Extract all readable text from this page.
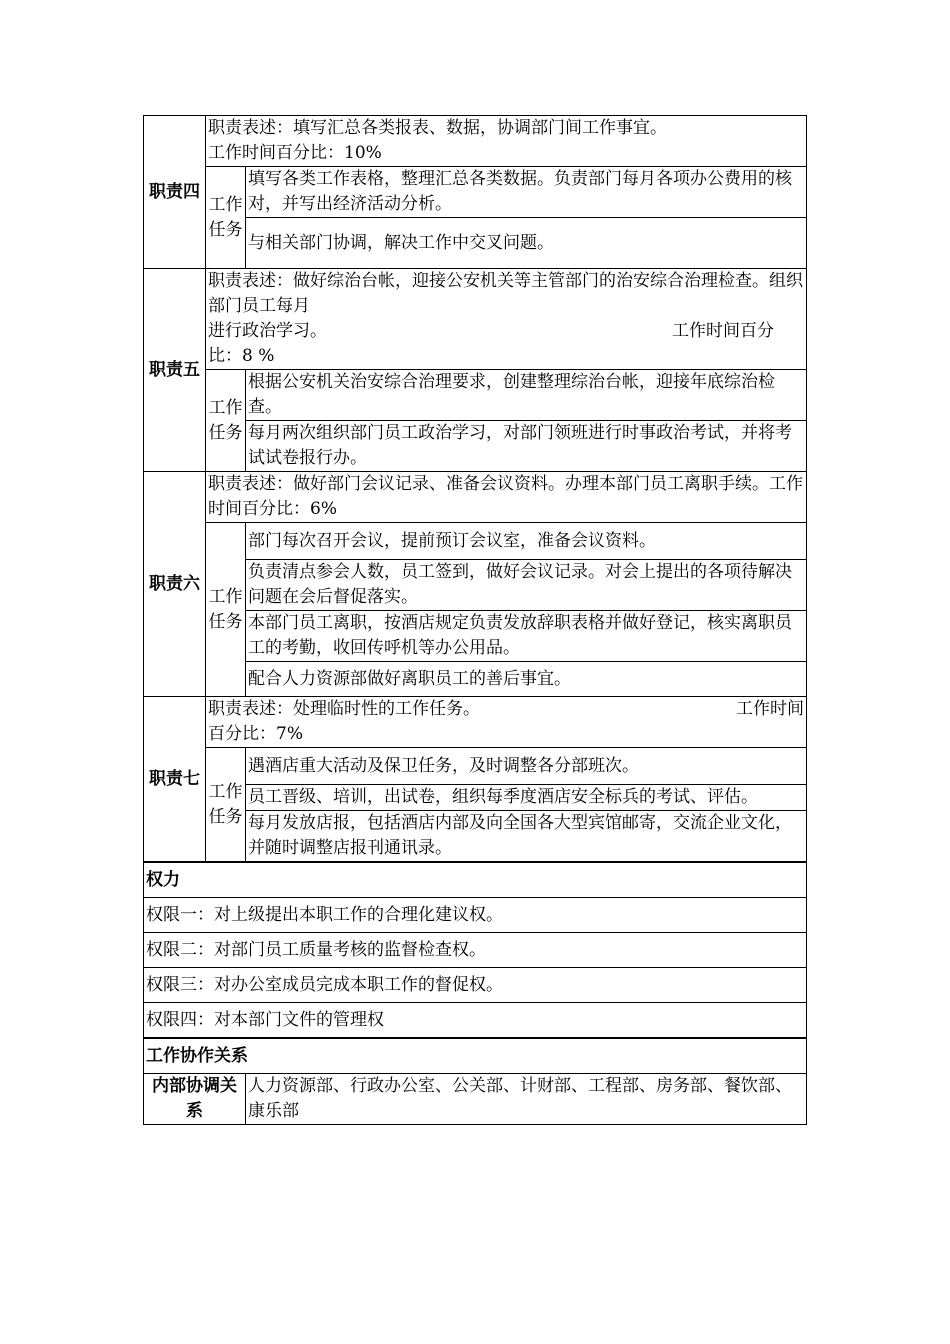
职责四	职责表述：填写汇总各类报表、数据，协调部门间工作事宜。
工作时间百分比：10%	

	工作任务	填写各类工作表格，整理汇总各类数据。负责部门每月各项办公费用的核对，并写出经济活动分析。
		与相关部门协调，解决工作中交叉问题。
职责五	职责表述：做好综治台帐，迎接公安机关等主管部门的治安综合治理检查。组织部门员工每月
进行政治学习。 工作时间百分
比：8 %	

	工作任务	根据公安机关治安综合治理要求，创建整理综治台帐，迎接年底综治检查。
		每月两次组织部门员工政治学习，对部门领班进行时事政治考试，并将考试试卷报行办。
职责六	职责表述：做好部门会议记录、准备会议资料。办理本部门员工离职手续。工作时间百分比：6%	
	工作任务	部门每次召开会议，提前预订会议室，准备会议资料。
		负责清点参会人数，员工签到，做好会议记录。对会上提出的各项待解决问题在会后督促落实。
		本部门员工离职，按酒店规定负责发放辞职表格并做好登记，核实离职员工的考勤，收回传呼机等办公用品。
		配合人力资源部做好离职员工的善后事宜。
职责七	职责表述：处理临时性的工作任务。 工作时间
百分比：7%	

	工作任务	遇酒店重大活动及保卫任务，及时调整各分部班次。
		员工晋级、培训，出试卷，组织每季度酒店安全标兵的考试、评估。
		每月发放店报，包括酒店内部及向全国各大型宾馆邮寄，交流企业文化，并随时调整店报刊通讯录。
权力		
权限一：对上级提出本职工作的合理化建议权。		
权限二：对部门员工质量考核的监督检查权。		
权限三：对办公室成员完成本职工作的督促权。		
权限四：对本部门文件的管理权		
工作协作关系		
内部协调关系		人力资源部、行政办公室、公关部、计财部、工程部、房务部、餐饮部、康乐部
